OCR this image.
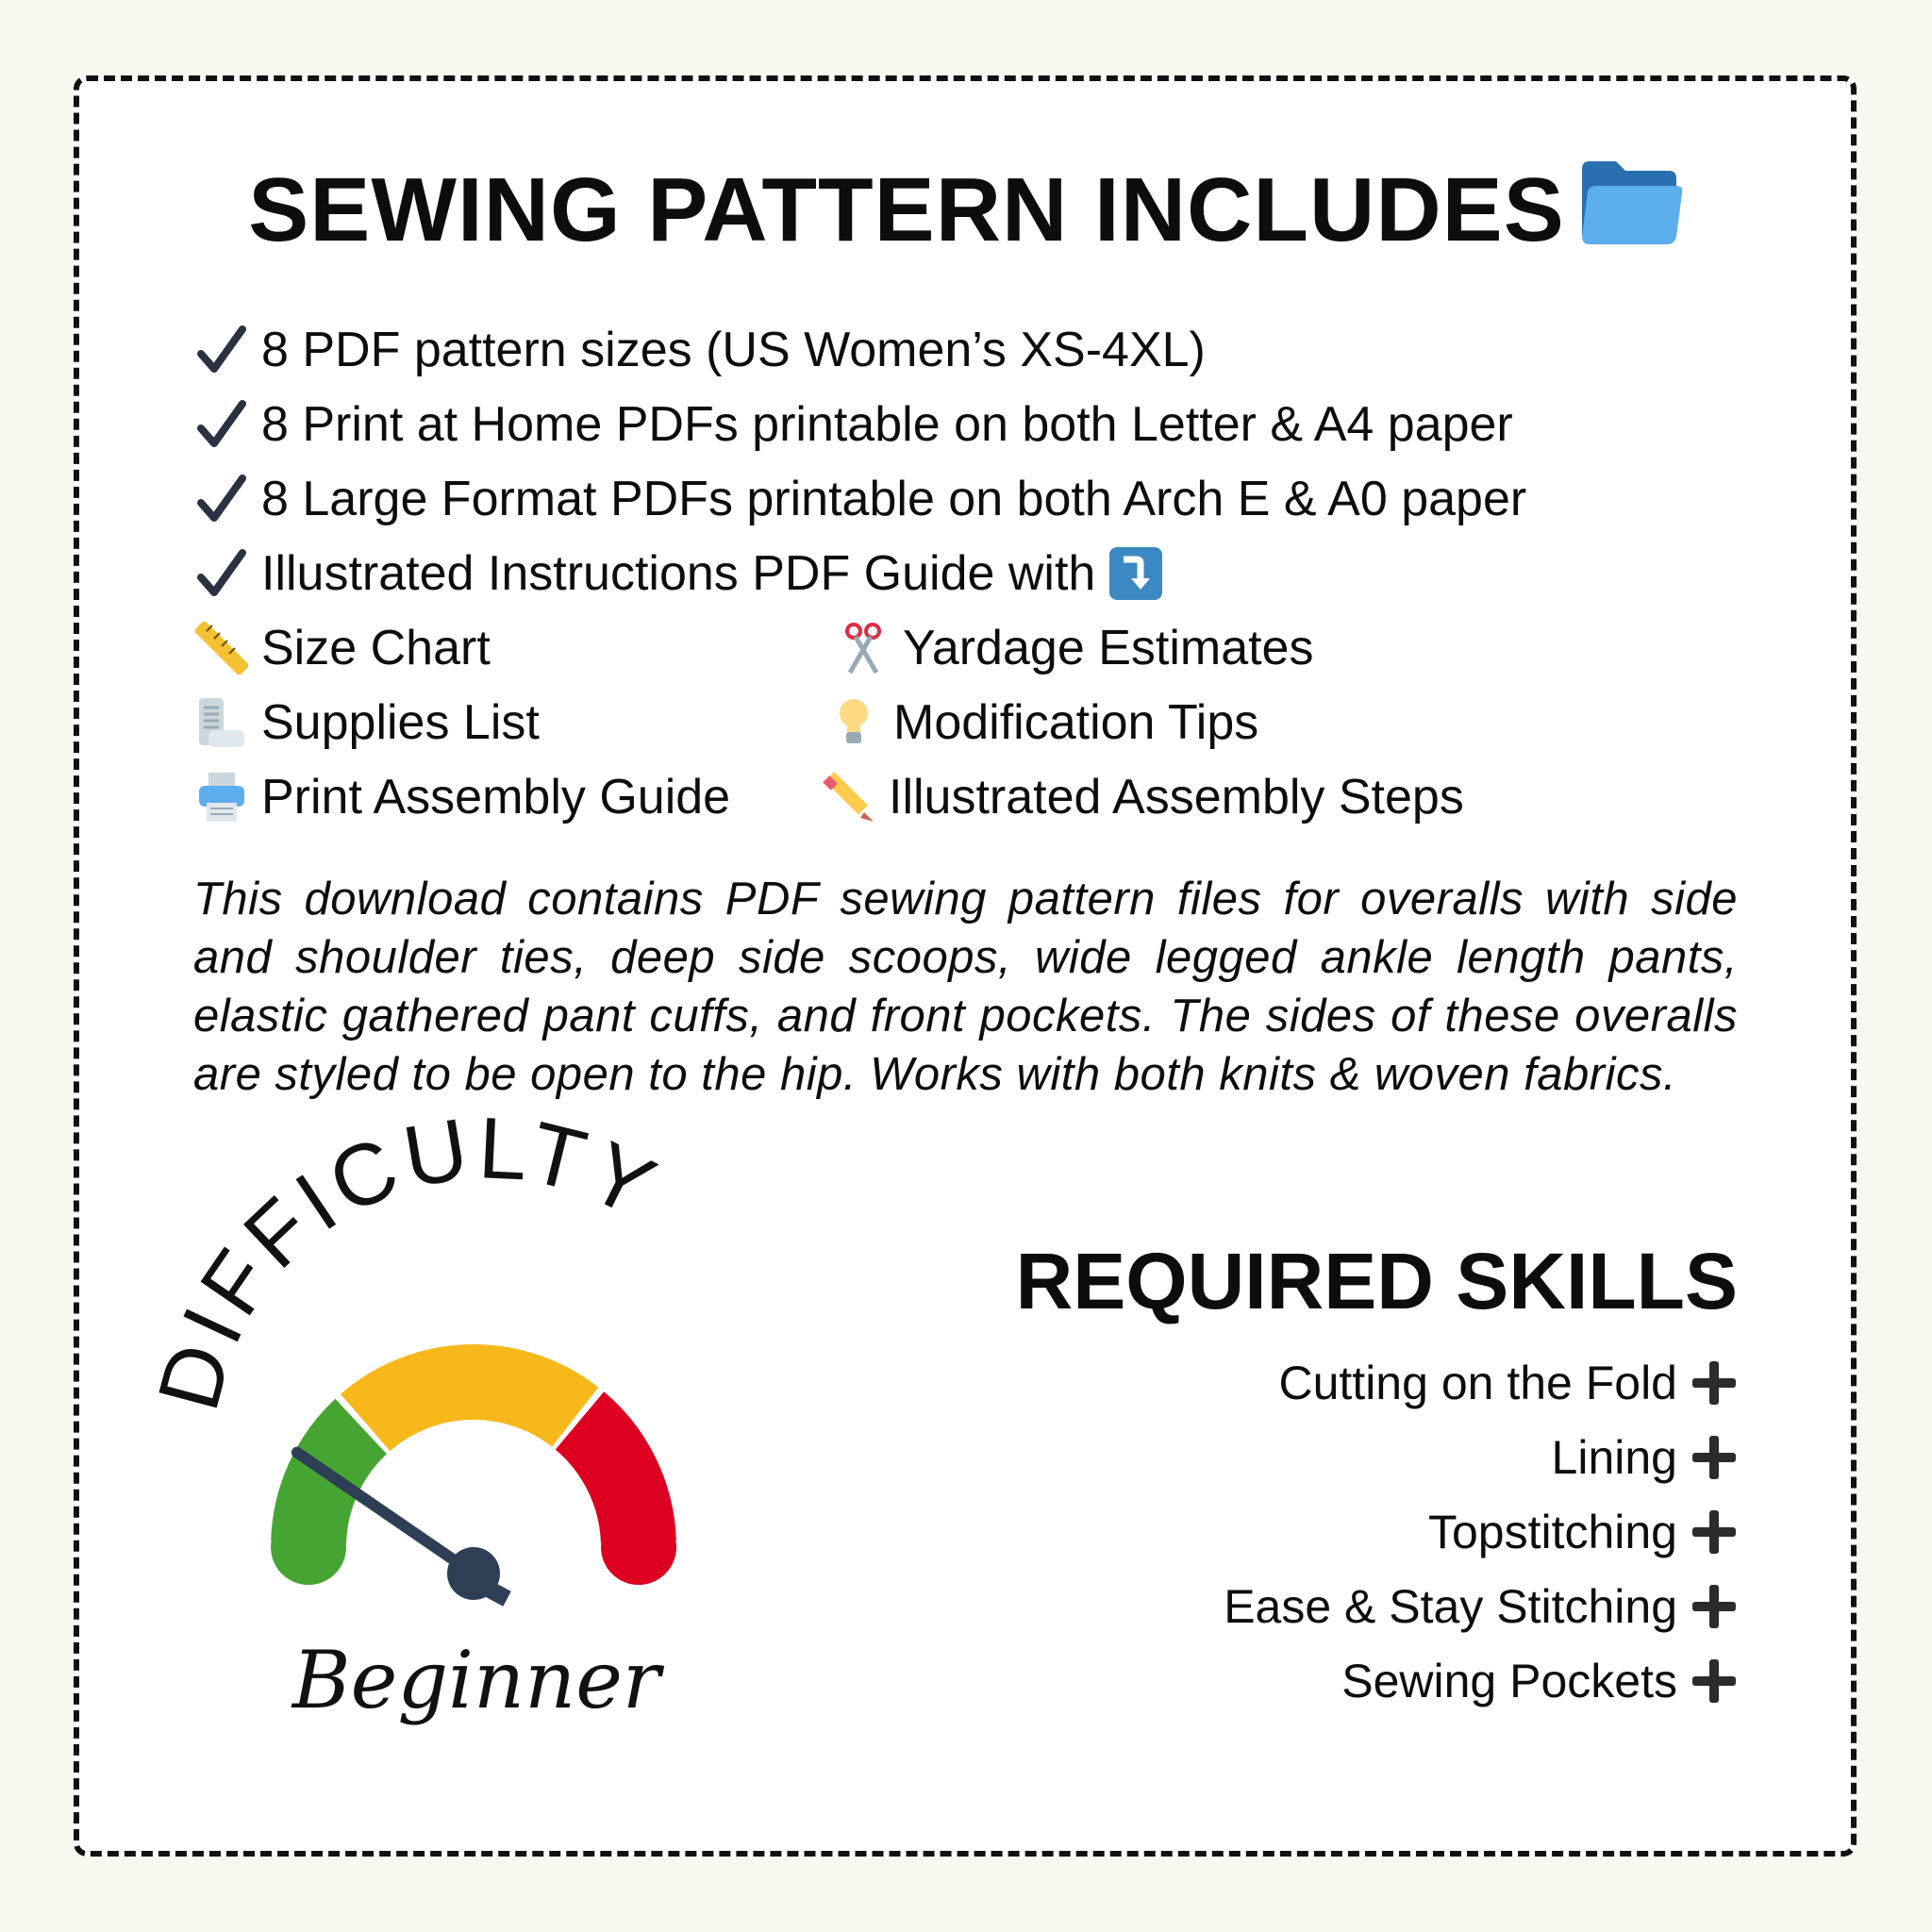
SEWING PATTERN INCLUDES
8 PDF pattern sizes (US Women’s XS-4XL)
8 Print at Home PDFs printable on both Letter & A4 paper
8 Large Format PDFs printable on both Arch E & A0 paper
Illustrated Instructions PDF Guide with
Size Chart	Yardage Estimates
Supplies List	Modification Tips
Print Assembly Guide	Illustrated Assembly Steps
This download contains PDF sewing pattern files for overalls with side and shoulder ties, deep side scoops, wide legged ankle length pants, elastic gathered pant cuffs, and front pockets. The sides of these overalls are styled to be open to the hip. Works with both knits & woven fabrics.
DIFFICULTY
Beginner
REQUIRED SKILLS
Cutting on the Fold
Lining
Topstitching
Ease & Stay Stitching
Sewing Pockets
